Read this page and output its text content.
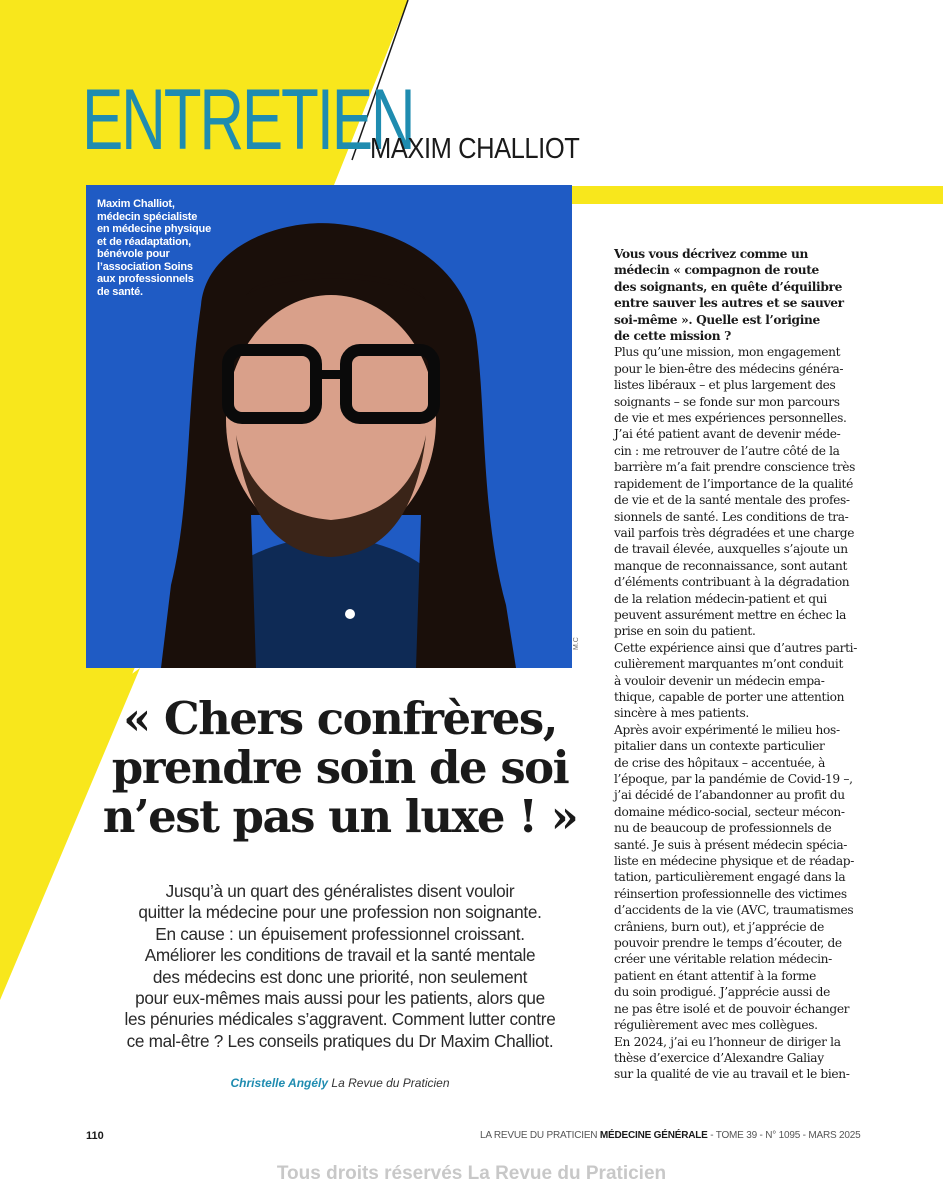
ENTRETIEN
MAXIM CHALLIOT
Maxim Challiot,
médecin spécialiste
en médecine physique
et de réadaptation,
bénévole pour
l’association Soins
aux professionnels
de santé.
M.C
« Chers confrères,
prendre soin de soi
n’est pas un luxe ! »
Jusqu’à un quart des généralistes disent vouloir
quitter la médecine pour une profession non soignante.
En cause : un épuisement professionnel croissant.
Améliorer les conditions de travail et la santé mentale
des médecins est donc une priorité, non seulement
pour eux-mêmes mais aussi pour les patients, alors que
les pénuries médicales s’aggravent. Comment lutter contre
ce mal-être ? Les conseils pratiques du Dr Maxim Challiot.
Christelle Angély La Revue du Praticien
Vous vous décrivez comme un
médecin « compagnon de route
des soignants, en quête d’équilibre
entre sauver les autres et se sauver
soi-même ». Quelle est l’origine
de cette mission ?
Plus qu’une mission, mon engagement
pour le bien-être des médecins généra-
listes libéraux – et plus largement des
soignants – se fonde sur mon parcours
de vie et mes expériences personnelles.
J’ai été patient avant de devenir méde-
cin : me retrouver de l’autre côté de la
barrière m’a fait prendre conscience très
rapidement de l’importance de la qualité
de vie et de la santé mentale des profes-
sionnels de santé. Les conditions de tra-
vail parfois très dégradées et une charge
de travail élevée, auxquelles s’ajoute un
manque de reconnaissance, sont autant
d’éléments contribuant à la dégradation
de la relation médecin-patient et qui
peuvent assurément mettre en échec la
prise en soin du patient.
Cette expérience ainsi que d’autres parti-
culièrement marquantes m’ont conduit
à vouloir devenir un médecin empa-
thique, capable de porter une attention
sincère à mes patients.
Après avoir expérimenté le milieu hos-
pitalier dans un contexte particulier
de crise des hôpitaux – accentuée, à
l’époque, par la pandémie de Covid-19 –,
j’ai décidé de l’abandonner au profit du
domaine médico-social, secteur mécon-
nu de beaucoup de professionnels de
santé. Je suis à présent médecin spécia-
liste en médecine physique et de réadap-
tation, particulièrement engagé dans la
réinsertion professionnelle des victimes
d’accidents de la vie (AVC, traumatismes
crâniens, burn out), et j’apprécie de
pouvoir prendre le temps d’écouter, de
créer une véritable relation médecin-
patient en étant attentif à la forme
du soin prodigué. J’apprécie aussi de
ne pas être isolé et de pouvoir échanger
régulièrement avec mes collègues.
En 2024, j’ai eu l’honneur de diriger la
thèse d’exercice d’Alexandre Galiay
sur la qualité de vie au travail et le bien-
110	LA REVUE DU PRATICIEN MÉDECINE GÉNÉRALE - TOME 39 - N° 1095 - MARS 2025
Tous droits réservés La Revue du Praticien
